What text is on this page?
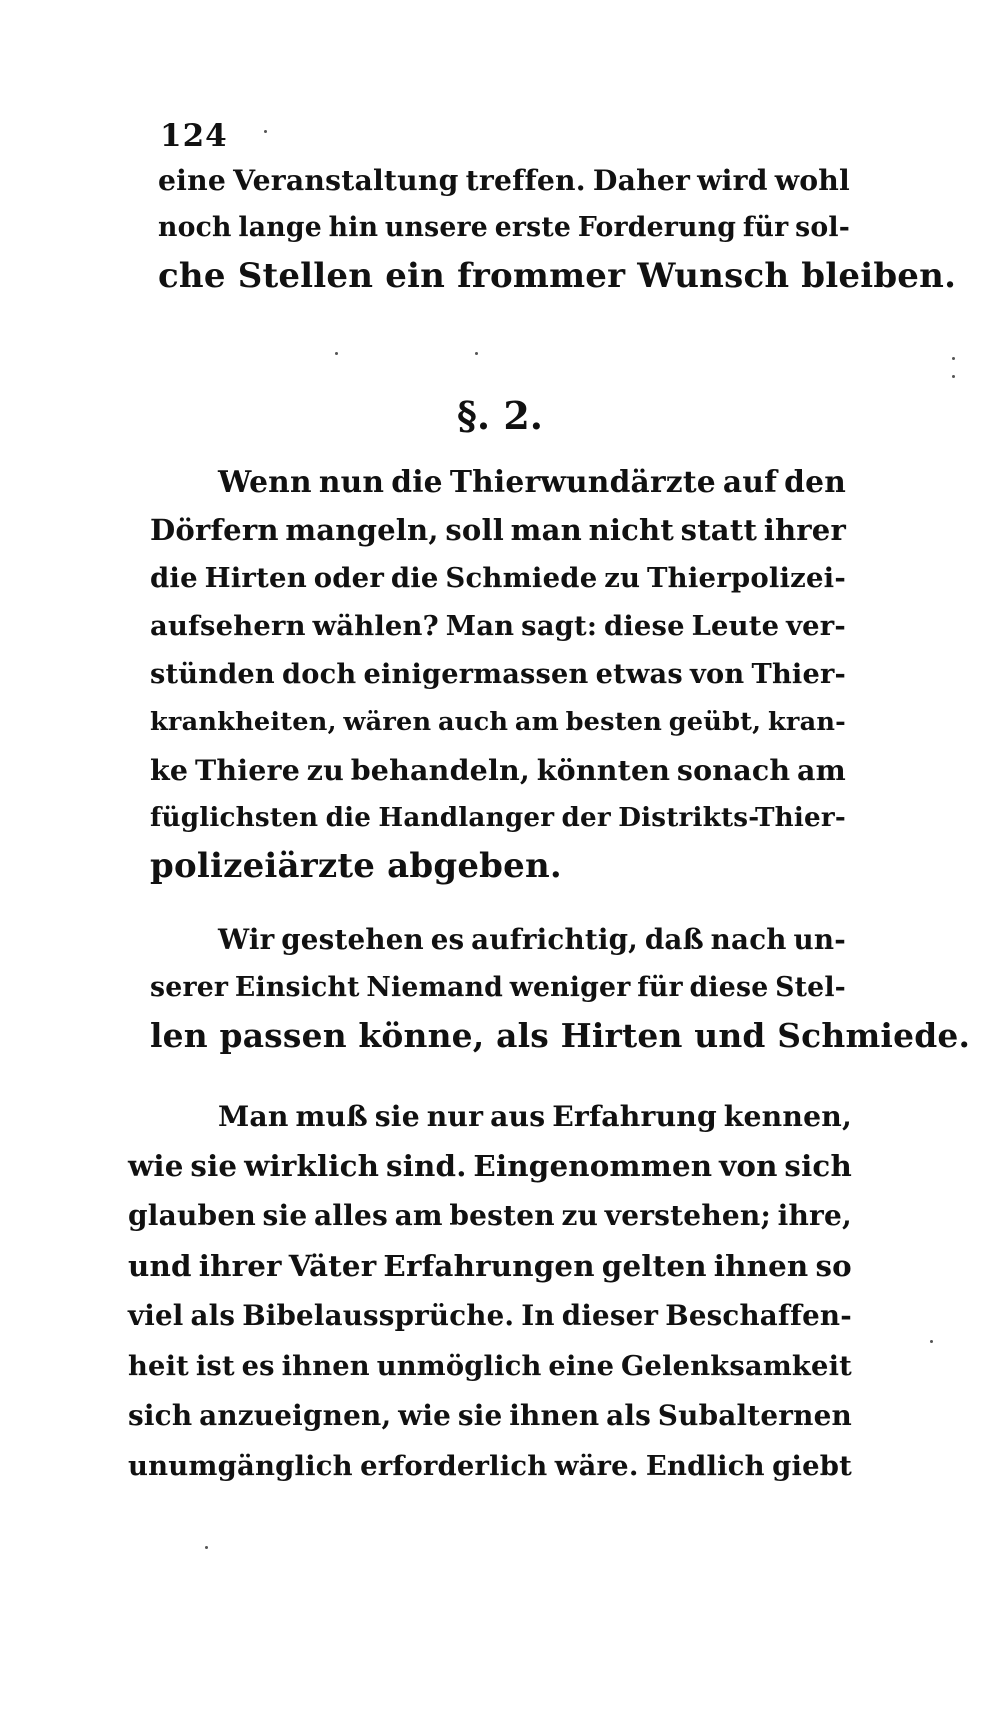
124
eine Veranstaltung treffen. Daher wird wohl
noch lange hin unsere erste Forderung für sol-
che Stellen ein frommer Wunsch bleiben.
§. 2.
Wenn nun die Thierwundärzte auf den
Dörfern mangeln, soll man nicht statt ihrer
die Hirten oder die Schmiede zu Thierpolizei-
aufsehern wählen? Man sagt: diese Leute ver-
stünden doch einigermassen etwas von Thier-
krankheiten, wären auch am besten geübt, kran-
ke Thiere zu behandeln, könnten sonach am
füglichsten die Handlanger der Distrikts-Thier-
polizeiärzte abgeben.
Wir gestehen es aufrichtig, daß nach un-
serer Einsicht Niemand weniger für diese Stel-
len passen könne, als Hirten und Schmiede.
Man muß sie nur aus Erfahrung kennen,
wie sie wirklich sind. Eingenommen von sich
glauben sie alles am besten zu verstehen; ihre,
und ihrer Väter Erfahrungen gelten ihnen so
viel als Bibelaussprüche. In dieser Beschaffen-
heit ist es ihnen unmöglich eine Gelenksamkeit
sich anzueignen, wie sie ihnen als Subalternen
unumgänglich erforderlich wäre. Endlich giebt
